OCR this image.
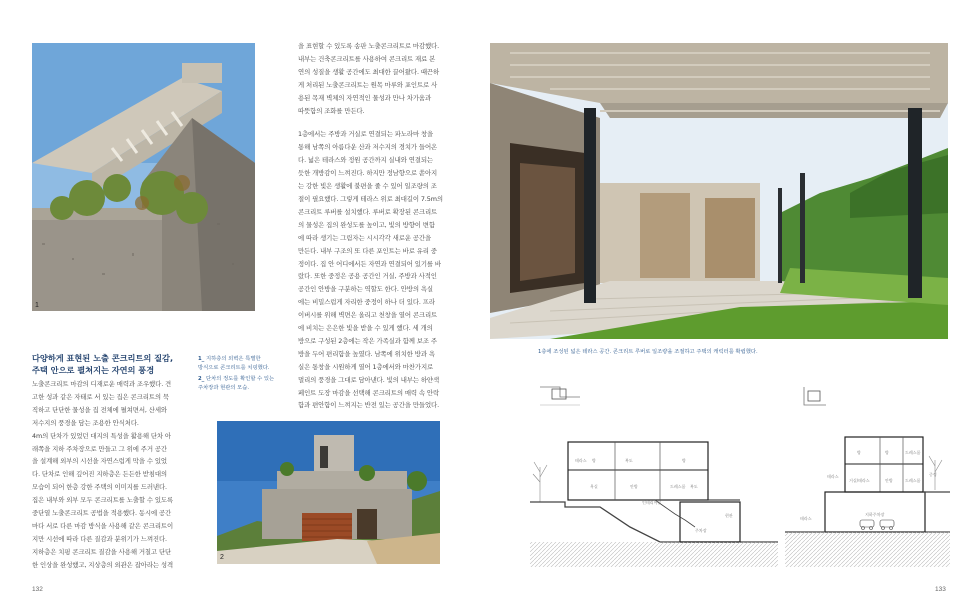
1
다양하게 표현된 노출 콘크리트의 질감,
주택 안으로 펼쳐지는 자연의 풍경
노출콘크리트 마감의 디재로운 매력과 조우했다. 견
고한 성과 같은 자태로 서 있는 집은 콘크리트의 묵
직하고 단단한 물성을 집 전체에 펼쳐면서, 산세와
저수지의 풍경을 담는 조용한 안식처다.
4m의 단차가 있었던 대지의 특성을 활용해 단차 아
래쪽을 지하 주차장으로 만들고 그 위에 주거 공간
을 설계해 외부의 시선을 자연스럽게 막을 수 있었
다. 단차로 인해 깊어진 지하층은 든든한 받침대의
모습이 되어 한층 강한 주택의 이미지를 드러낸다.
집은 내부와 외부 모두 콘크리트를 노출할 수 있도록
중단열 노출콘크리트 공법을 적용했다. 동시에 공간
마다 서로 다른 마감 방식을 사용해 같은 콘크리트이
지만 시선에 따라 다른 질감과 분위기가 느껴진다.
지하층은 치핑 콘크리트 질감을 사용해 거칠고 단단
한 인상을 완성했고, 지상층의 외관은 잡아라는 성격
1_ 지하층의 외벽은 특별한
방식으로 콘크리트를 치핑했다.
2_ 단차의 정도를 확인할 수 있는
주차장과 현관의 모습.
2

을 표현할 수 있도록 송판 노출콘크리트로 마감했다.
내부는 건축콘크리트를 사용하여 콘크리트 재료 본
연의 성질을 생활 공간에도 최대한 끌어왔다. 때끈하
게 처리된 노출콘크리트는 원목 마루와 포인트로 사
용된 목재 벽체의 자연적인 물성과 만나 차가움과
따뜻함의 조화를 만든다.

1층에서는 주방과 거실로 연결되는 파노라마 창을
통해 남쪽의 아름다운 산과 저수지의 경치가 들어온
다. 넓은 테라스와 정원 공간까지 실내와 연결되는
듯한 개방감이 느껴진다. 하지만 정남향으로 쏟아지
는 강한 빛은 생활에 불편을 줄 수 있어 일조량의 조
절이 필요했다. 그렇게 테라스 위로 최대길이 7.5m의
콘크리트 루버를 설치했다. 루버로 확장된 콘크리트
의 물성은 집의 완성도를 높이고, 빛의 방향이 변함
에 따라 생기는 그림자는 시시각각 새로운 공간을
만든다. 내부 구조의 또 다른 포인트는 바로 유리 중
정이다. 집 안 어디에서든 자연과 연결되어 있기를 바
랐다. 또한 중정은 공용 공간인 거실, 주방과 사적인
공간인 안방을 구분하는 역할도 한다. 안방의 욕실
에는 비밀스럽게 자리한 중정이 하나 더 있다. 프라
이버시를 위해 벽면은 올리고 천창을 열어 콘크리트
에 비치는 은은한 빛을 받을 수 있게 했다. 세 개의
방으로 구성된 2층에는 작은 가족실과 함께 보조 주
방을 두어 편리함을 높였다. 남쪽에 위치한 방과 욕
실은 통창을 시원하게 열어 1층에서와 마찬가지로
멀리의 풍경을 그대로 담아낸다. 빛의 내부는 하얀색
페인트 도장 마감을 선택해 콘크리트의 매력 속 안락
함과 편안함이 느껴지는 반전 있는 공간을 만들었다.

132
1층에 조성된 넓은 테라스 공간. 콘크리트 루버로 일조량을 조절하고 주택의 캐릭터를 확립했다.
테라스 방	복도	방
욕실
현관
주차장
안방	드레스룸 복도
인테리어실
방	방	드레스룸
테라스
거실/테라스	안방	드레스룸
중정
테라스
지하주차장
133
